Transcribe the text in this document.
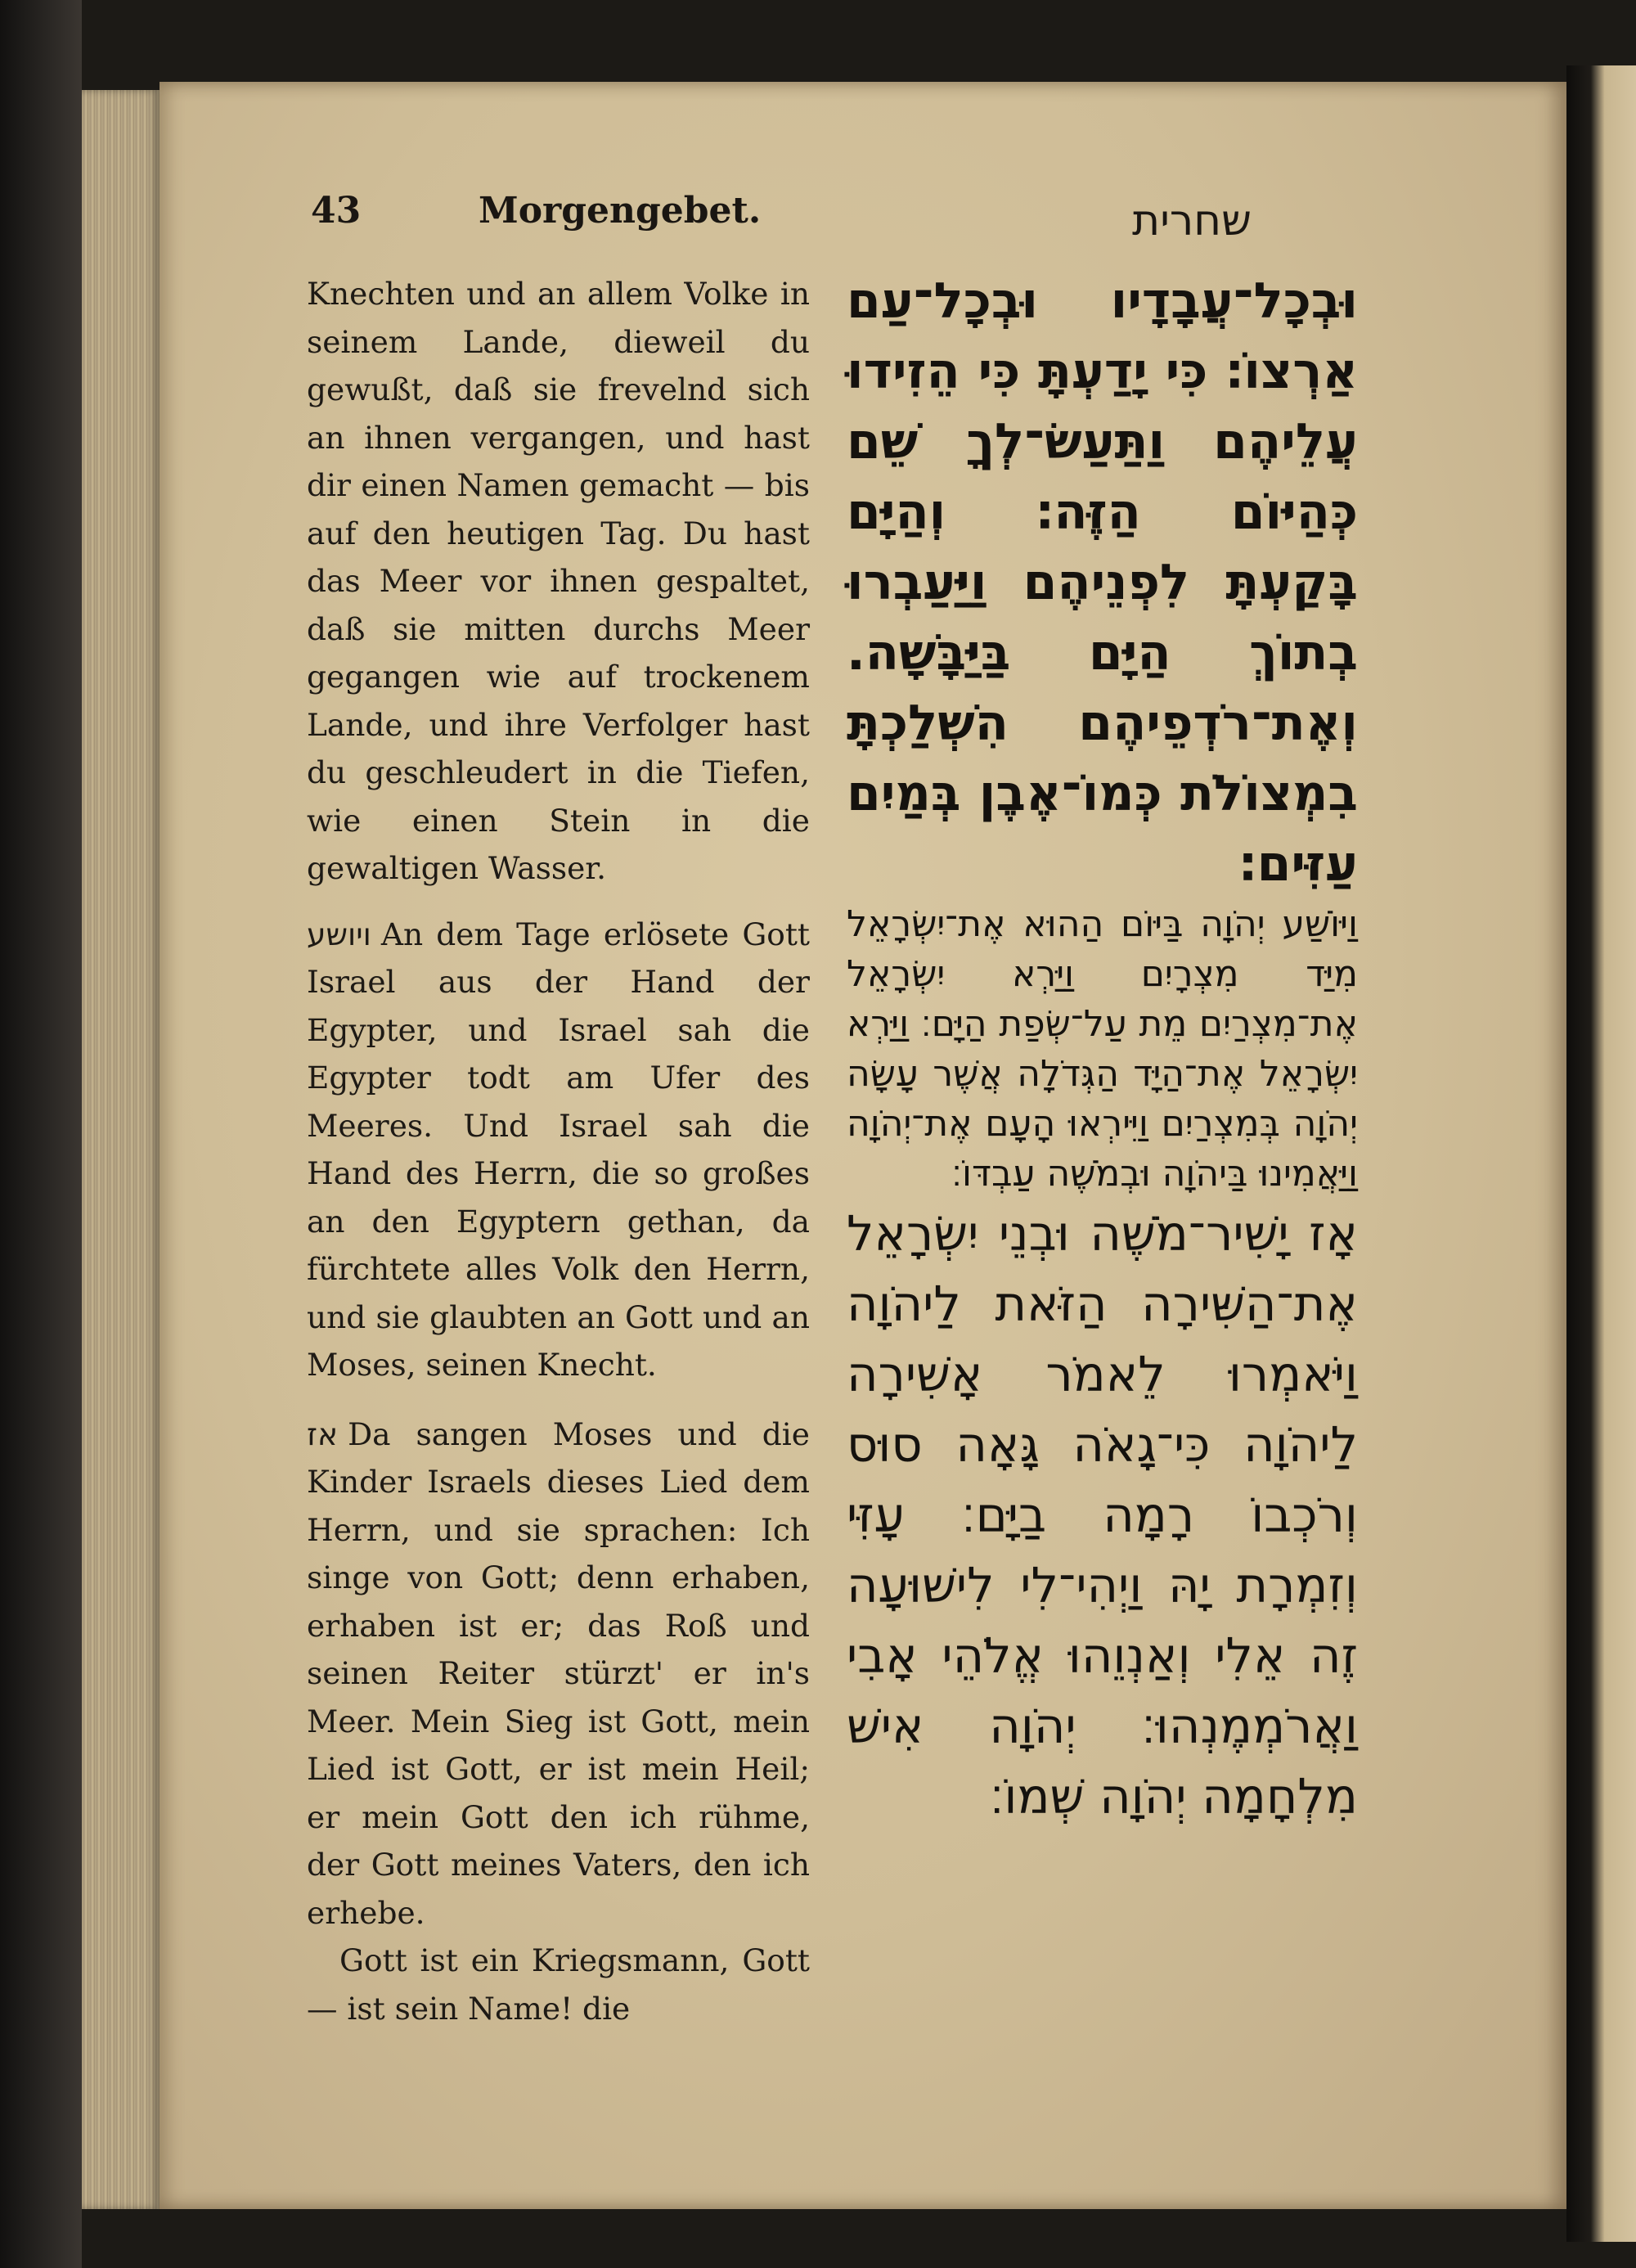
43	Morgengebet.	שחרית

Knechten und an allem Volke in seinem Lande, dieweil du gewußt, daß sie frevelnd sich an ihnen vergangen, und hast dir einen Namen gemacht — bis auf den heutigen Tag. Du hast das Meer vor ihnen gespaltet, daß sie mitten durchs Meer gegangen wie auf trockenem Lande, und ihre Verfolger hast du geschleudert in die Tiefen, wie einen Stein in die gewaltigen Wasser.

ויושע An dem Tage erlösete Gott Israel aus der Hand der Egypter, und Israel sah die Egypter todt am Ufer des Meeres. Und Israel sah die Hand des Herrn, die so großes an den Egyptern gethan, da fürchtete alles Volk den Herrn, und sie glaubten an Gott und an Moses, seinen Knecht.

אז Da sangen Moses und die Kinder Israels dieses Lied dem Herrn, und sie sprachen: Ich singe von Gott; denn erhaben, erhaben ist er; das Roß und seinen Reiter stürzt' er in's Meer. Mein Sieg ist Gott, mein Lied ist Gott, er ist mein Heil; er mein Gott den ich rühme, der Gott meines Vaters, den ich erhebe.

Gott ist ein Kriegsmann, Gott — ist sein Name! die

וּבְכָל־עֲבָדָיו וּבְכָל־עַם אַרְצוֹ׃ כִּי יָדַעְתָּ כִּי הֵזִידוּ עֲלֵיהֶם וַתַּעַשׂ־לְךָ שֵׁם כְּהַיּוֹם הַזֶּה׃ וְהַיָּם בָּקַעְתָּ לִפְנֵיהֶם וַיַּעַבְרוּ בְתוֹךְ הַיָּם בַּיַּבָּשָׁה. וְאֶת־רֹדְפֵיהֶם הִשְׁלַכְתָּ בִמְצוֹלֹת כְּמוֹ־אֶבֶן בְּמַיִם עַזִּים׃

וַיּוֹשַׁע יְהֹוָה בַּיּוֹם הַהוּא אֶת־יִשְׂרָאֵל מִיַּד מִצְרָיִם וַיַּרְא יִשְׂרָאֵל אֶת־מִצְרַיִם מֵת עַל־שְׂפַת הַיָּם׃ וַיַּרְא יִשְׂרָאֵל אֶת־הַיָּד הַגְּדֹלָה אֲשֶׁר עָשָׂה יְהֹוָה בְּמִצְרַיִם וַיִּירְאוּ הָעָם אֶת־יְהֹוָה וַיַּאֲמִינוּ בַּיהֹוָה וּבְמֹשֶׁה עַבְדּוֹ׃

אָז יָשִׁיר־מֹשֶׁה וּבְנֵי יִשְׂרָאֵל אֶת־הַשִּׁירָה הַזֹּאת לַיהֹוָה וַיֹּאמְרוּ לֵאמֹר אָשִׁירָה לַיהֹוָה כִּי־גָאֹה גָּאָה סוּס וְרֹכְבוֹ רָמָה בַיָּם׃ עָזִּי וְזִמְרָת יָהּ וַיְהִי־לִי לִישׁוּעָה זֶה אֵלִי וְאַנְוֵהוּ אֱלֹהֵי אָבִי וַאֲרֹמְמֶנְהוּ׃ יְהֹוָה אִישׁ מִלְחָמָה יְהֹוָה שְׁמוֹ׃
